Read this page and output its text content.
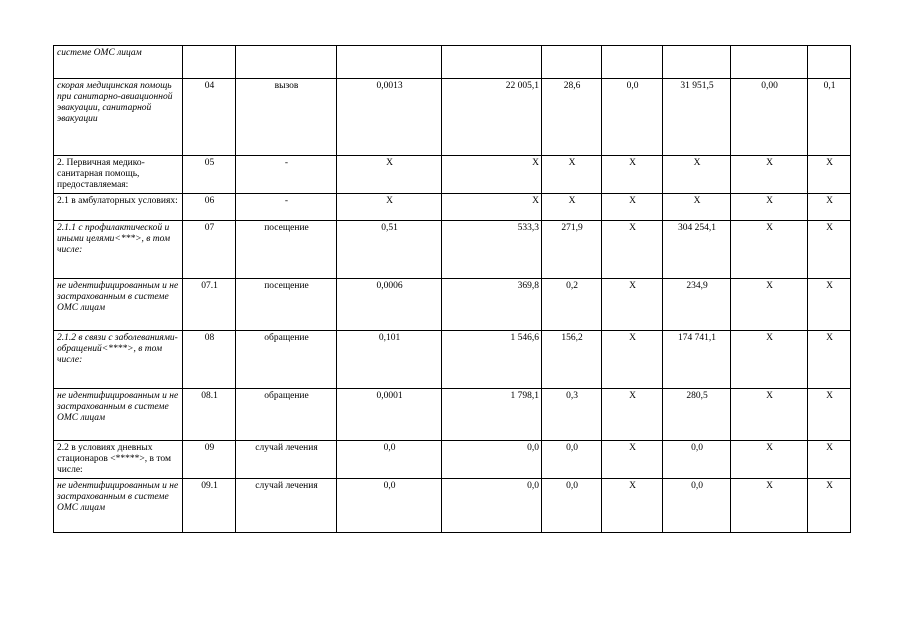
системе ОМС лицам									
скорая медицинская помощь при санитарно-авиационной эвакуации, санитарной эвакуации	04	вызов	0,0013	22 005,1	28,6	0,0	31 951,5	0,00	0,1
2. Первичная медико-санитарная помощь, предоставляемая:	05	-	X	X	X	X	X	X	X
2.1 в амбулаторных условиях:	06	-	X	X	X	X	X	X	X
2.1.1 с профилактической и иными целями<***>, в том числе:	07	посещение	0,51	533,3	271,9	X	304 254,1	X	X
не идентифицированным и не застрахованным в системе ОМС лицам	07.1	посещение	0,0006	369,8	0,2	X	234,9	X	X
2.1.2 в связи с заболеваниями-обращений<****>, в том числе:	08	обращение	0,101	1 546,6	156,2	X	174 741,1	X	X
не идентифицированным и не застрахованным в системе ОМС лицам	08.1	обращение	0,0001	1 798,1	0,3	X	280,5	X	X
2.2 в условиях дневных стационаров <*****>, в том числе:	09	случай лечения	0,0	0,0	0,0	X	0,0	X	X
не идентифицированным и не застрахованным в системе ОМС лицам	09.1	случай лечения	0,0	0,0	0,0	X	0,0	X	X
